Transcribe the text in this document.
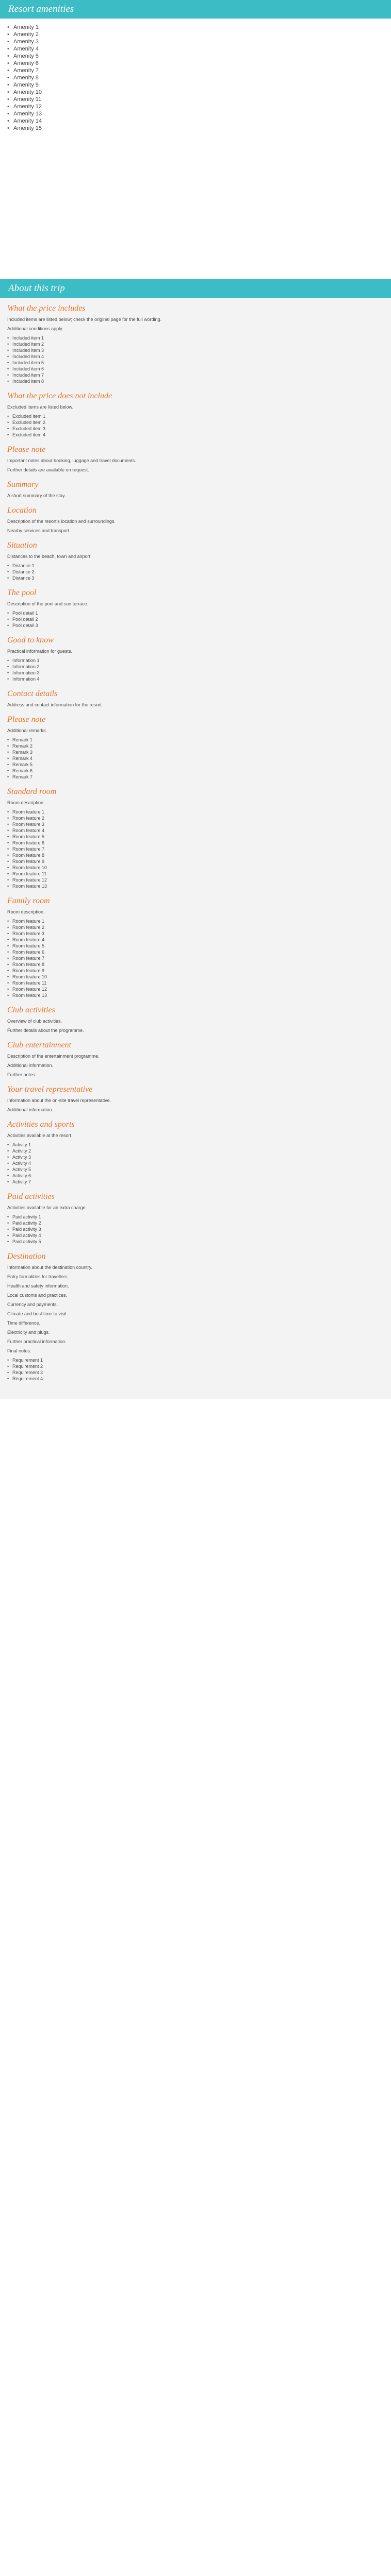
Resort amenities
• Amenity 1
• Amenity 2
• Amenity 3
• Amenity 4
• Amenity 5
• Amenity 6
• Amenity 7
• Amenity 8
• Amenity 9
• Amenity 10
• Amenity 11
• Amenity 12
• Amenity 13
• Amenity 14
• Amenity 15
About this trip
What the price includes

Included items are listed below; check the original page for the full wording.

Additional conditions apply.

• Included item 1
• Included item 2
• Included item 3
• Included item 4
• Included item 5
• Included item 6
• Included item 7
• Included item 8
What the price does not include

Excluded items are listed below.

• Excluded item 1
• Excluded item 2
• Excluded item 3
• Excluded item 4
Please note

Important notes about booking, luggage and travel documents.

Further details are available on request.

Summary

A short summary of the stay.

Location

Description of the resort's location and surroundings.

Nearby services and transport.

Situation

Distances to the beach, town and airport.

• Distance 1
• Distance 2
• Distance 3
The pool

Description of the pool and sun terrace.

• Pool detail 1
• Pool detail 2
• Pool detail 3
Good to know

Practical information for guests.

• Information 1
• Information 2
• Information 3
• Information 4
Contact details

Address and contact information for the resort.

Please note

Additional remarks.

• Remark 1
• Remark 2
• Remark 3
• Remark 4
• Remark 5
• Remark 6
• Remark 7
Standard room

Room description.

• Room feature 1
• Room feature 2
• Room feature 3
• Room feature 4
• Room feature 5
• Room feature 6
• Room feature 7
• Room feature 8
• Room feature 9
• Room feature 10
• Room feature 11
• Room feature 12
• Room feature 13
Family room

Room description.

• Room feature 1
• Room feature 2
• Room feature 3
• Room feature 4
• Room feature 5
• Room feature 6
• Room feature 7
• Room feature 8
• Room feature 9
• Room feature 10
• Room feature 11
• Room feature 12
• Room feature 13
Club activities

Overview of club activities.

Further details about the programme.

Club entertainment

Description of the entertainment programme.

Additional information.

Further notes.

Your travel representative

Information about the on-site travel representative.

Additional information.

Activities and sports

Activities available at the resort.

• Activity 1
• Activity 2
• Activity 3
• Activity 4
• Activity 5
• Activity 6
• Activity 7
Paid activities

Activities available for an extra charge.

• Paid activity 1
• Paid activity 2
• Paid activity 3
• Paid activity 4
• Paid activity 5
Destination

Information about the destination country.

Entry formalities for travellers.

Health and safety information.

Local customs and practices.

Currency and payments.

Climate and best time to visit.

Time difference.

Electricity and plugs.

Further practical information.

Final notes.

• Requirement 1
• Requirement 2
• Requirement 3
• Requirement 4
